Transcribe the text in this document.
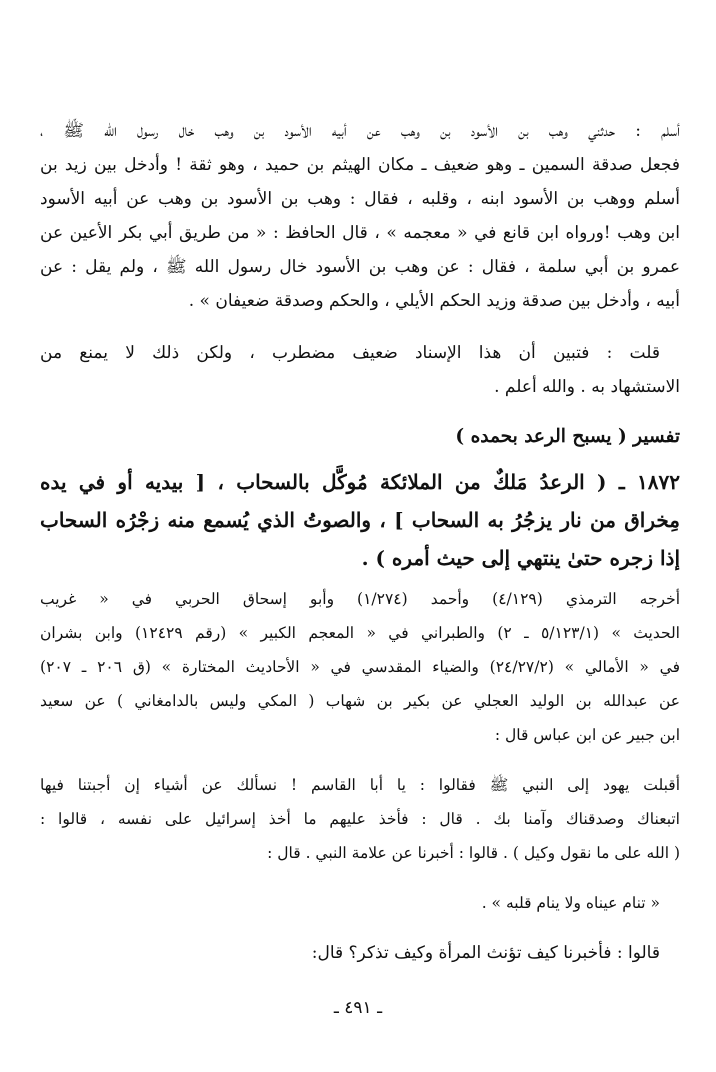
أسلم : حدثني وهب بن الأسود بن وهب عن أبيه الأسود بن وهب خال رسول الله ﷺ ،
فجعل صدقة السمين ـ وهو ضعيف ـ مكان الهيثم بن حميد ، وهو ثقة ! وأدخل بين زيد بن
أسلم ووهب بن الأسود ابنه ، وقلبه ، فقال : وهب بن الأسود بن وهب عن أبيه الأسود
ابن وهب !ورواه ابن قانع في « معجمه » ، قال الحافظ : « من طريق أبي بكر الأعين عن
عمرو بن أبي سلمة ، فقال : عن وهب بن الأسود خال رسول الله ﷺ ، ولم يقل : عن
أبيه ، وأدخل بين صدقة وزيد الحكم الأيلي ، والحكم وصدقة ضعيفان » .
قلت : فتبين أن هذا الإسناد ضعيف مضطرب ، ولكن ذلك لا يمنع من
الاستشهاد به . والله أعلم .
تفسير ( يسبح الرعد بحمده )
١٨٧٢ ـ ( الرعدُ مَلكٌ من الملائكة مُوكَّل بالسحاب ، [ بيديه أو في يده
مِخراق من نار يزجُرُ به السحاب ] ، والصوتُ الذي يُسمع منه زجْرُه السحاب
إذا زجره حتىٰ ينتهي إلى حيث أمره ) .
أخرجه الترمذي (٤/١٢٩) وأحمد (١/٢٧٤) وأبو إسحاق الحربي في « غريب
الحديث » (٥/١٢٣/١ ـ ٢) والطبراني في « المعجم الكبير » (رقم ١٢٤٢٩) وابن بشران
في « الأمالي » (٢٤/٢٧/٢) والضياء المقدسي في « الأحاديث المختارة » (ق ٢٠٦ ـ ٢٠٧)
عن عبدالله بن الوليد العجلي عن بكير بن شهاب ( المكي وليس بالدامغاني ) عن سعيد
ابن جبير عن ابن عباس قال :
أقبلت يهود إلى النبي ﷺ فقالوا : يا أبا القاسم ! نسألك عن أشياء إن أجبتنا فيها
اتبعناك وصدقناك وآمنا بك . قال : فأخذ عليهم ما أخذ إسرائيل على نفسه ، قالوا :
( الله على ما نقول وكيل ) . قالوا : أخبرنا عن علامة النبي . قال :
« تنام عيناه ولا ينام قلبه » .
قالوا : فأخبرنا كيف تؤنث المرأة وكيف تذكر؟ قال:
ـ ٤٩١ ـ
